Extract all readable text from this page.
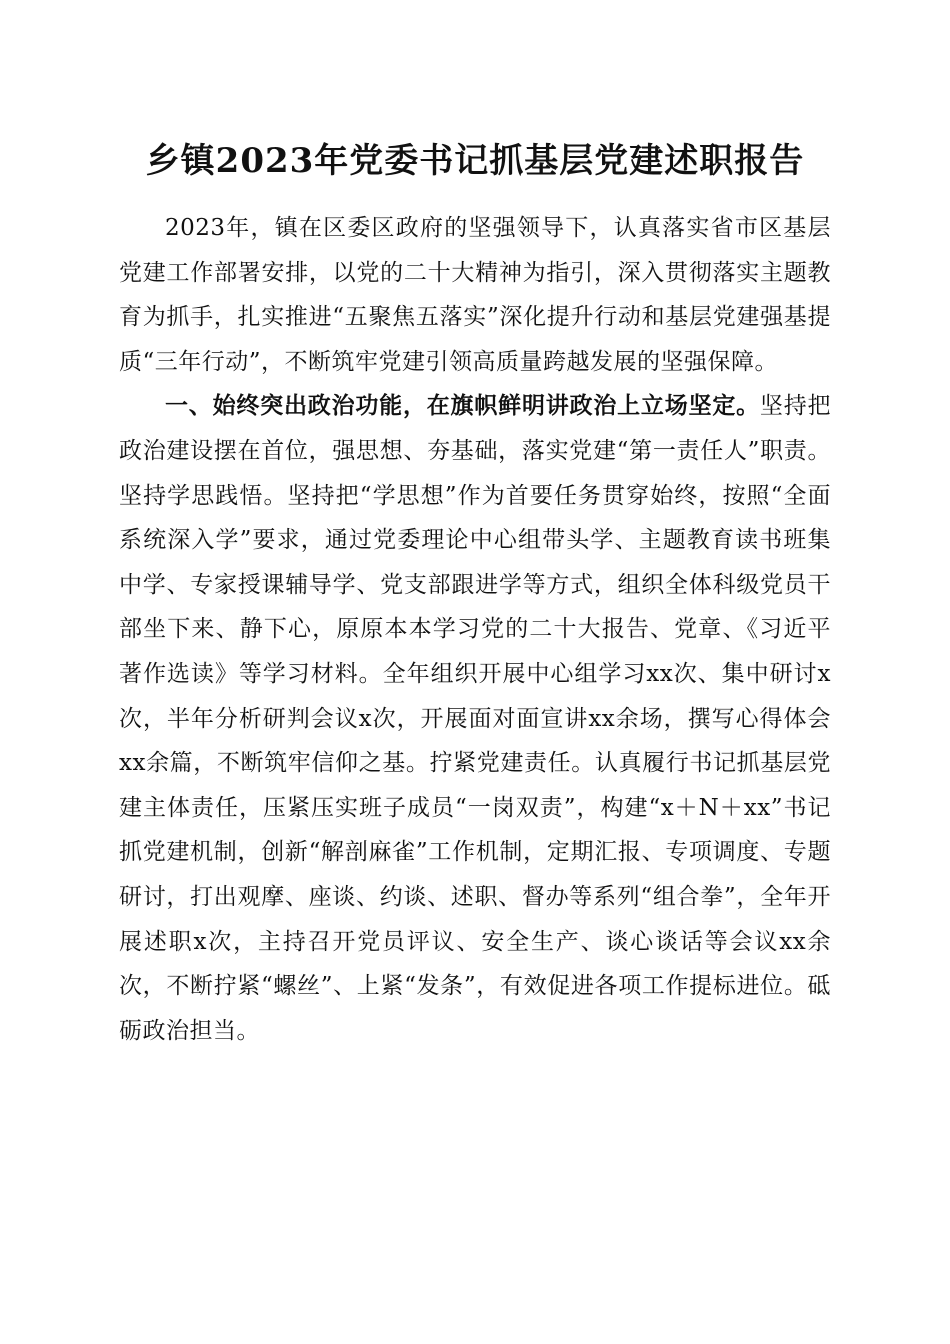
乡镇2023年党委书记抓基层党建述职报告

2023年，镇在区委区政府的坚强领导下，认真落实省市区基层党建工作部署安排，以党的二十大精神为指引，深入贯彻落实主题教育为抓手，扎实推进“五聚焦五落实”深化提升行动和基层党建强基提质“三年行动”，不断筑牢党建引领高质量跨越发展的坚强保障。

一、始终突出政治功能，在旗帜鲜明讲政治上立场坚定。坚持把政治建设摆在首位，强思想、夯基础，落实党建“第一责任人”职责。坚持学思践悟。坚持把“学思想”作为首要任务贯穿始终，按照“全面系统深入学”要求，通过党委理论中心组带头学、主题教育读书班集中学、专家授课辅导学、党支部跟进学等方式，组织全体科级党员干部坐下来、静下心，原原本本学习党的二十大报告、党章、《习近平著作选读》等学习材料。全年组织开展中心组学习xx次、集中研讨x次，半年分析研判会议x次，开展面对面宣讲xx余场，撰写心得体会xx余篇，不断筑牢信仰之基。拧紧党建责任。认真履行书记抓基层党建主体责任，压紧压实班子成员“一岗双责”，构建“x＋N＋xx”书记抓党建机制，创新“解剖麻雀”工作机制，定期汇报、专项调度、专题研讨，打出观摩、座谈、约谈、述职、督办等系列“组合拳”，全年开展述职x次，主持召开党员评议、安全生产、谈心谈话等会议xx余次，不断拧紧“螺丝”、上紧“发条”，有效促进各项工作提标进位。砥砺政治担当。
